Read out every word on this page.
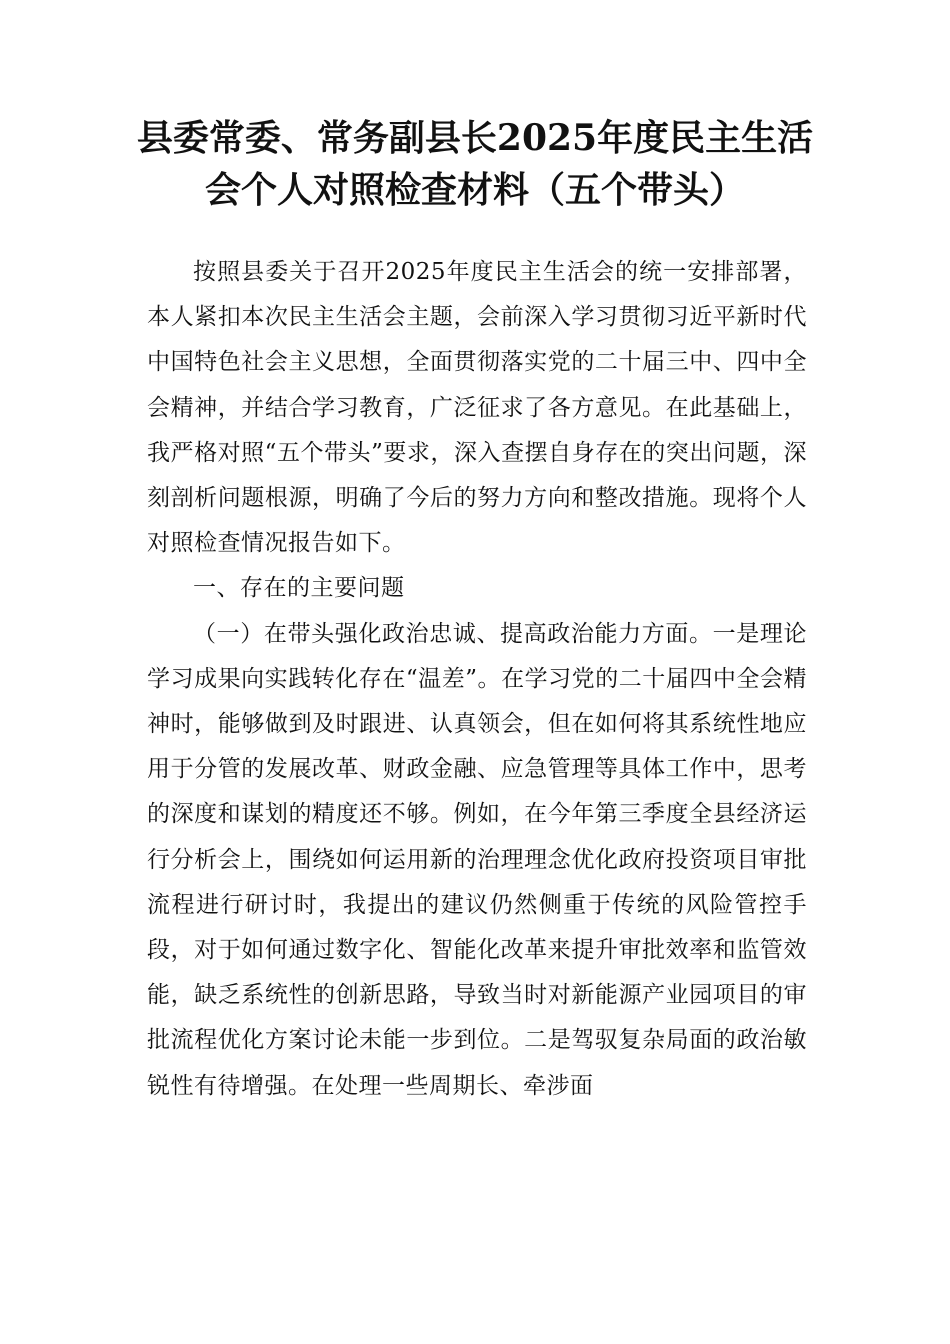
县委常委、常务副县长2025年度民主生活
会个人对照检查材料（五个带头）

按照县委关于召开2025年度民主生活会的统一安排部署，本人紧扣本次民主生活会主题，会前深入学习贯彻习近平新时代中国特色社会主义思想，全面贯彻落实党的二十届三中、四中全会精神，并结合学习教育，广泛征求了各方意见。在此基础上，我严格对照“五个带头”要求，深入查摆自身存在的突出问题，深刻剖析问题根源，明确了今后的努力方向和整改措施。现将个人对照检查情况报告如下。

一、存在的主要问题

（一）在带头强化政治忠诚、提高政治能力方面。一是理论学习成果向实践转化存在“温差”。在学习党的二十届四中全会精神时，能够做到及时跟进、认真领会，但在如何将其系统性地应用于分管的发展改革、财政金融、应急管理等具体工作中，思考的深度和谋划的精度还不够。例如，在今年第三季度全县经济运行分析会上，围绕如何运用新的治理理念优化政府投资项目审批流程进行研讨时，我提出的建议仍然侧重于传统的风险管控手段，对于如何通过数字化、智能化改革来提升审批效率和监管效能，缺乏系统性的创新思路，导致当时对新能源产业园项目的审批流程优化方案讨论未能一步到位。二是驾驭复杂局面的政治敏锐性有待增强。在处理一些周期长、牵涉面
